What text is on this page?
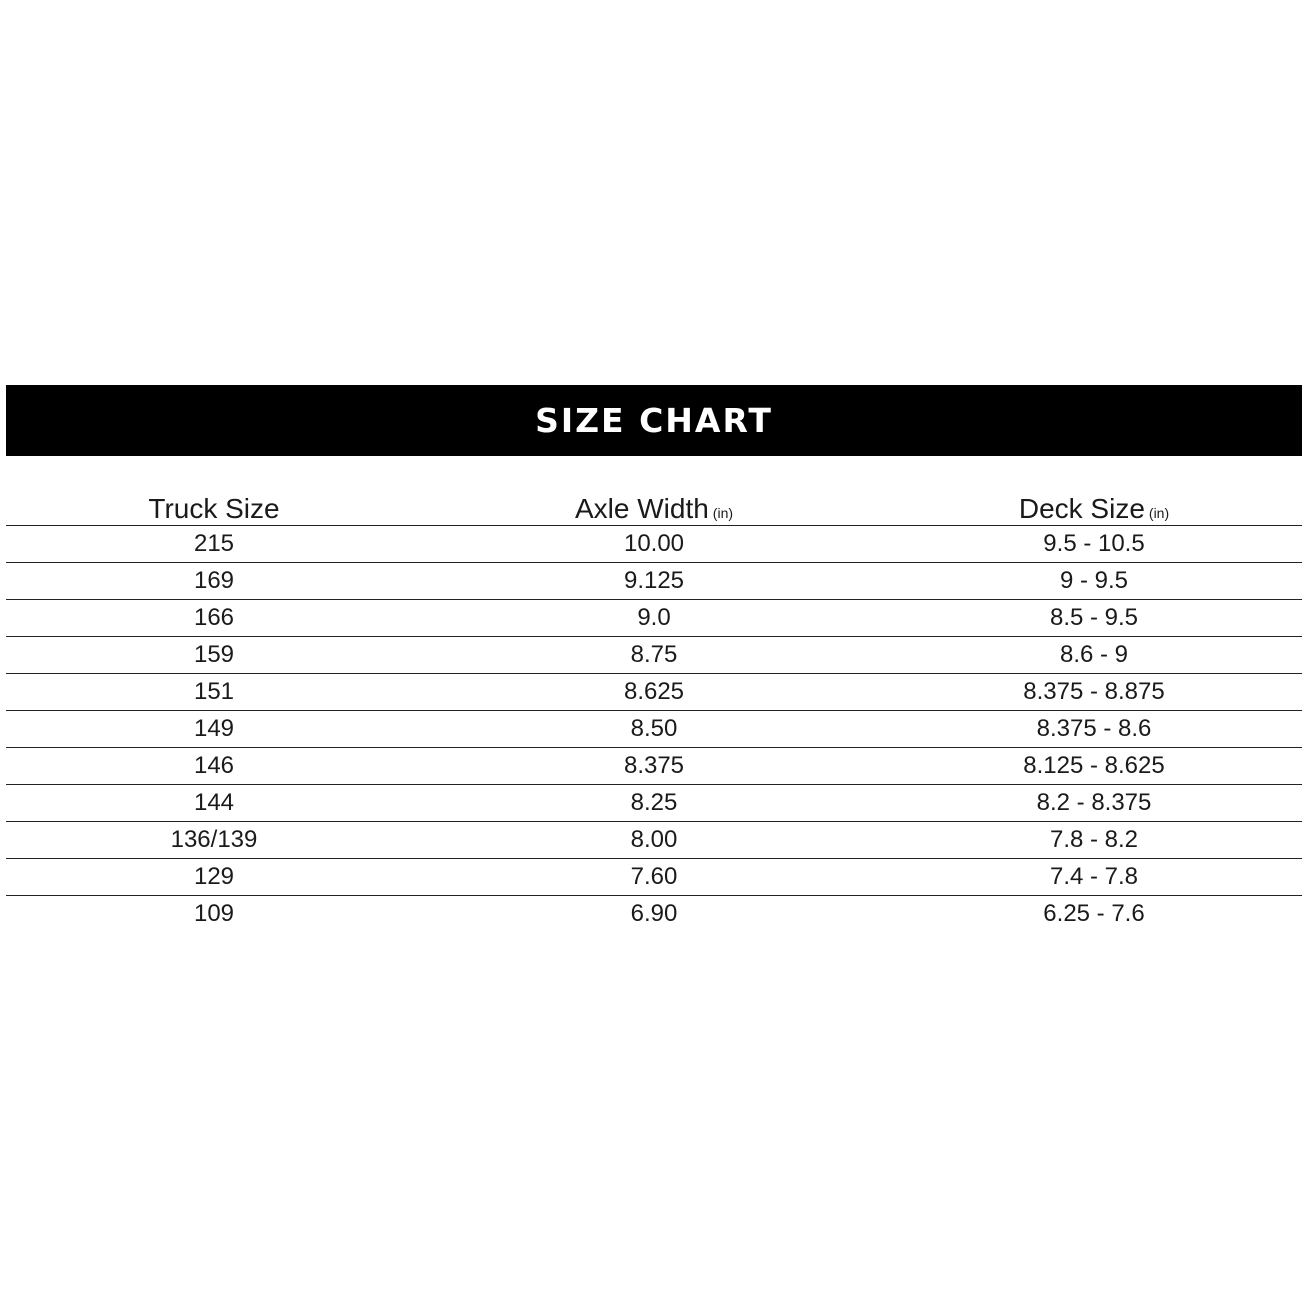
SIZE CHART
Truck Size	Axle Width (in)	Deck Size (in)
215	10.00	9.5 - 10.5
169	9.125	9 - 9.5
166	9.0	8.5 - 9.5
159	8.75	8.6 - 9
151	8.625	8.375 - 8.875
149	8.50	8.375 - 8.6
146	8.375	8.125 - 8.625
144	8.25	8.2 - 8.375
136/139	8.00	7.8 - 8.2
129	7.60	7.4 - 7.8
109	6.90	6.25 - 7.6
